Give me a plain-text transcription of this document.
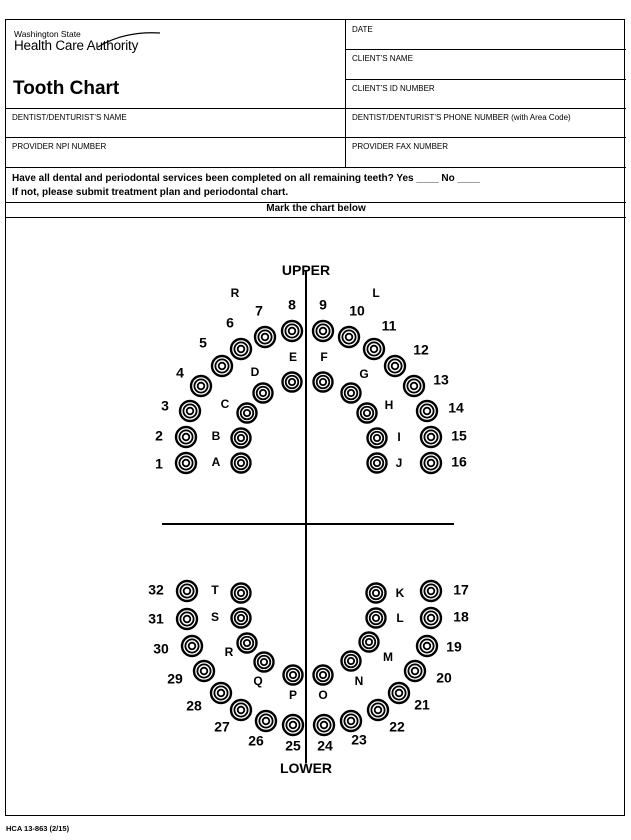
Washington State
Health Care Authority
Tooth Chart
DATE
CLIENT’S NAME
CLIENT’S ID NUMBER
DENTIST/DENTURIST’S NAME	DENTIST/DENTURIST’S PHONE NUMBER (with Area Code)
PROVIDER NPI NUMBER	PROVIDER FAX NUMBER
Have all dental and periodontal services been completed on all remaining teeth? Yes ____ No ____
If not, please submit treatment plan and periodontal chart.
Mark the chart below
UPPER
LOWER
R	L
1
2
3
4
5
6
7 8 9 10
11
12
13
14
15
16
17
18
19
20
21
22
23
24
25
26
27
28
29
30
31
32
A
B
C
D
E F
G
H
I
J
K
L
M
N
O
P
Q
R
S
T
HCA 13-863 (2/15)
